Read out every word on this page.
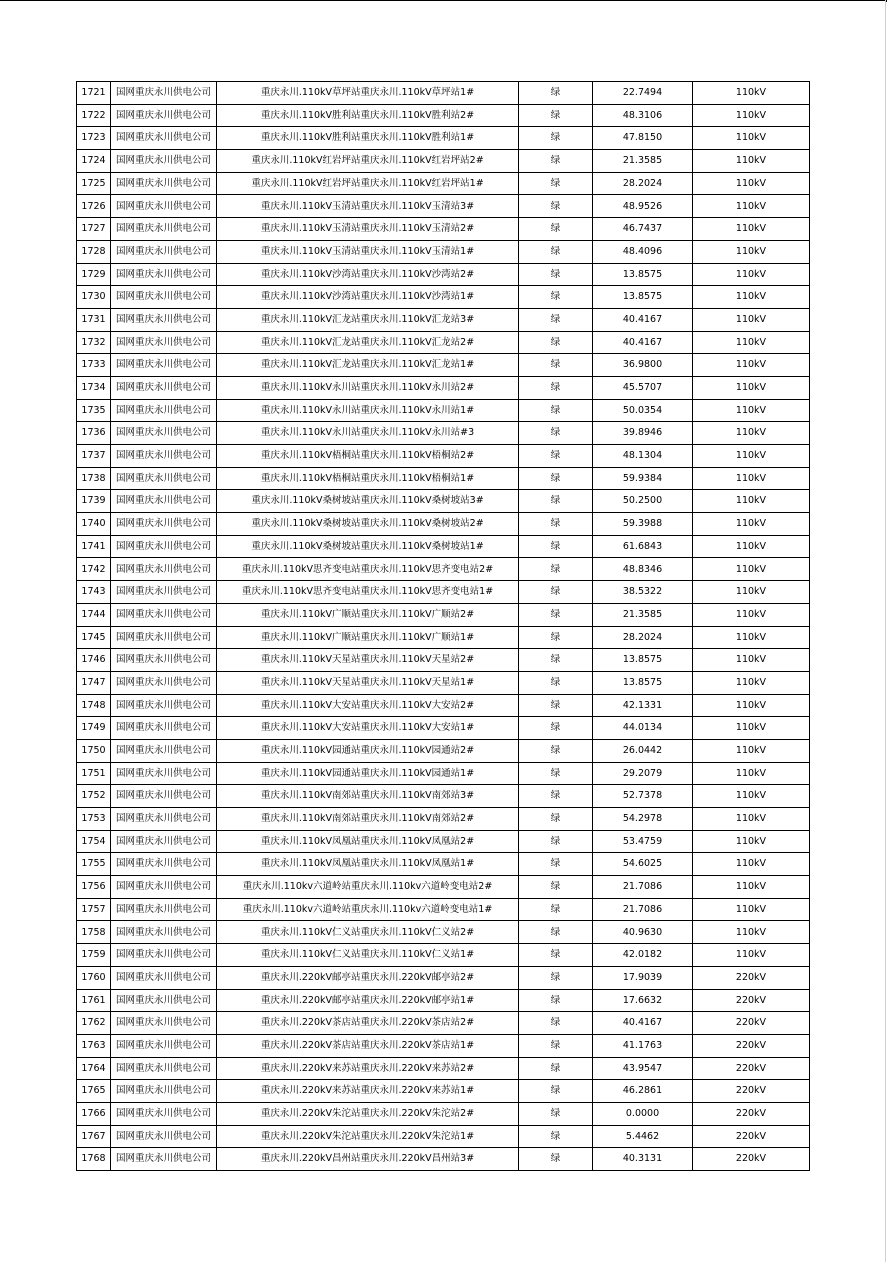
1721	国网重庆永川供电公司	重庆永川.110kV草坪站重庆永川.110kV草坪站1#	绿	22.7494	110kV
1722	国网重庆永川供电公司	重庆永川.110kV胜利站重庆永川.110kV胜利站2#	绿	48.3106	110kV
1723	国网重庆永川供电公司	重庆永川.110kV胜利站重庆永川.110kV胜利站1#	绿	47.8150	110kV
1724	国网重庆永川供电公司	重庆永川.110kV红岩坪站重庆永川.110kV红岩坪站2#	绿	21.3585	110kV
1725	国网重庆永川供电公司	重庆永川.110kV红岩坪站重庆永川.110kV红岩坪站1#	绿	28.2024	110kV
1726	国网重庆永川供电公司	重庆永川.110kV玉清站重庆永川.110kV玉清站3#	绿	48.9526	110kV
1727	国网重庆永川供电公司	重庆永川.110kV玉清站重庆永川.110kV玉清站2#	绿	46.7437	110kV
1728	国网重庆永川供电公司	重庆永川.110kV玉清站重庆永川.110kV玉清站1#	绿	48.4096	110kV
1729	国网重庆永川供电公司	重庆永川.110kV沙湾站重庆永川.110kV沙湾站2#	绿	13.8575	110kV
1730	国网重庆永川供电公司	重庆永川.110kV沙湾站重庆永川.110kV沙湾站1#	绿	13.8575	110kV
1731	国网重庆永川供电公司	重庆永川.110kV汇龙站重庆永川.110kV汇龙站3#	绿	40.4167	110kV
1732	国网重庆永川供电公司	重庆永川.110kV汇龙站重庆永川.110kV汇龙站2#	绿	40.4167	110kV
1733	国网重庆永川供电公司	重庆永川.110kV汇龙站重庆永川.110kV汇龙站1#	绿	36.9800	110kV
1734	国网重庆永川供电公司	重庆永川.110kV永川站重庆永川.110kV永川站2#	绿	45.5707	110kV
1735	国网重庆永川供电公司	重庆永川.110kV永川站重庆永川.110kV永川站1#	绿	50.0354	110kV
1736	国网重庆永川供电公司	重庆永川.110kV永川站重庆永川.110kV永川站#3	绿	39.8946	110kV
1737	国网重庆永川供电公司	重庆永川.110kV梧桐站重庆永川.110kV梧桐站2#	绿	48.1304	110kV
1738	国网重庆永川供电公司	重庆永川.110kV梧桐站重庆永川.110kV梧桐站1#	绿	59.9384	110kV
1739	国网重庆永川供电公司	重庆永川.110kV桑树坡站重庆永川.110kV桑树坡站3#	绿	50.2500	110kV
1740	国网重庆永川供电公司	重庆永川.110kV桑树坡站重庆永川.110kV桑树坡站2#	绿	59.3988	110kV
1741	国网重庆永川供电公司	重庆永川.110kV桑树坡站重庆永川.110kV桑树坡站1#	绿	61.6843	110kV
1742	国网重庆永川供电公司	重庆永川.110kV思齐变电站重庆永川.110kV思齐变电站2#	绿	48.8346	110kV
1743	国网重庆永川供电公司	重庆永川.110kV思齐变电站重庆永川.110kV思齐变电站1#	绿	38.5322	110kV
1744	国网重庆永川供电公司	重庆永川.110kV广顺站重庆永川.110kV广顺站2#	绿	21.3585	110kV
1745	国网重庆永川供电公司	重庆永川.110kV广顺站重庆永川.110kV广顺站1#	绿	28.2024	110kV
1746	国网重庆永川供电公司	重庆永川.110kV天星站重庆永川.110kV天星站2#	绿	13.8575	110kV
1747	国网重庆永川供电公司	重庆永川.110kV天星站重庆永川.110kV天星站1#	绿	13.8575	110kV
1748	国网重庆永川供电公司	重庆永川.110kV大安站重庆永川.110kV大安站2#	绿	42.1331	110kV
1749	国网重庆永川供电公司	重庆永川.110kV大安站重庆永川.110kV大安站1#	绿	44.0134	110kV
1750	国网重庆永川供电公司	重庆永川.110kV园通站重庆永川.110kV园通站2#	绿	26.0442	110kV
1751	国网重庆永川供电公司	重庆永川.110kV园通站重庆永川.110kV园通站1#	绿	29.2079	110kV
1752	国网重庆永川供电公司	重庆永川.110kV南郊站重庆永川.110kV南郊站3#	绿	52.7378	110kV
1753	国网重庆永川供电公司	重庆永川.110kV南郊站重庆永川.110kV南郊站2#	绿	54.2978	110kV
1754	国网重庆永川供电公司	重庆永川.110kV凤凰站重庆永川.110kV凤凰站2#	绿	53.4759	110kV
1755	国网重庆永川供电公司	重庆永川.110kV凤凰站重庆永川.110kV凤凰站1#	绿	54.6025	110kV
1756	国网重庆永川供电公司	重庆永川.110kv六道岭站重庆永川.110kv六道岭变电站2#	绿	21.7086	110kV
1757	国网重庆永川供电公司	重庆永川.110kv六道岭站重庆永川.110kv六道岭变电站1#	绿	21.7086	110kV
1758	国网重庆永川供电公司	重庆永川.110kV仁义站重庆永川.110kV仁义站2#	绿	40.9630	110kV
1759	国网重庆永川供电公司	重庆永川.110kV仁义站重庆永川.110kV仁义站1#	绿	42.0182	110kV
1760	国网重庆永川供电公司	重庆永川.220kV邮亭站重庆永川.220kV邮亭站2#	绿	17.9039	220kV
1761	国网重庆永川供电公司	重庆永川.220kV邮亭站重庆永川.220kV邮亭站1#	绿	17.6632	220kV
1762	国网重庆永川供电公司	重庆永川.220kV茶店站重庆永川.220kV茶店站2#	绿	40.4167	220kV
1763	国网重庆永川供电公司	重庆永川.220kV茶店站重庆永川.220kV茶店站1#	绿	41.1763	220kV
1764	国网重庆永川供电公司	重庆永川.220kV来苏站重庆永川.220kV来苏站2#	绿	43.9547	220kV
1765	国网重庆永川供电公司	重庆永川.220kV来苏站重庆永川.220kV来苏站1#	绿	46.2861	220kV
1766	国网重庆永川供电公司	重庆永川.220kV朱沱站重庆永川.220kV朱沱站2#	绿	0.0000	220kV
1767	国网重庆永川供电公司	重庆永川.220kV朱沱站重庆永川.220kV朱沱站1#	绿	5.4462	220kV
1768	国网重庆永川供电公司	重庆永川.220kV昌州站重庆永川.220kV昌州站3#	绿	40.3131	220kV
